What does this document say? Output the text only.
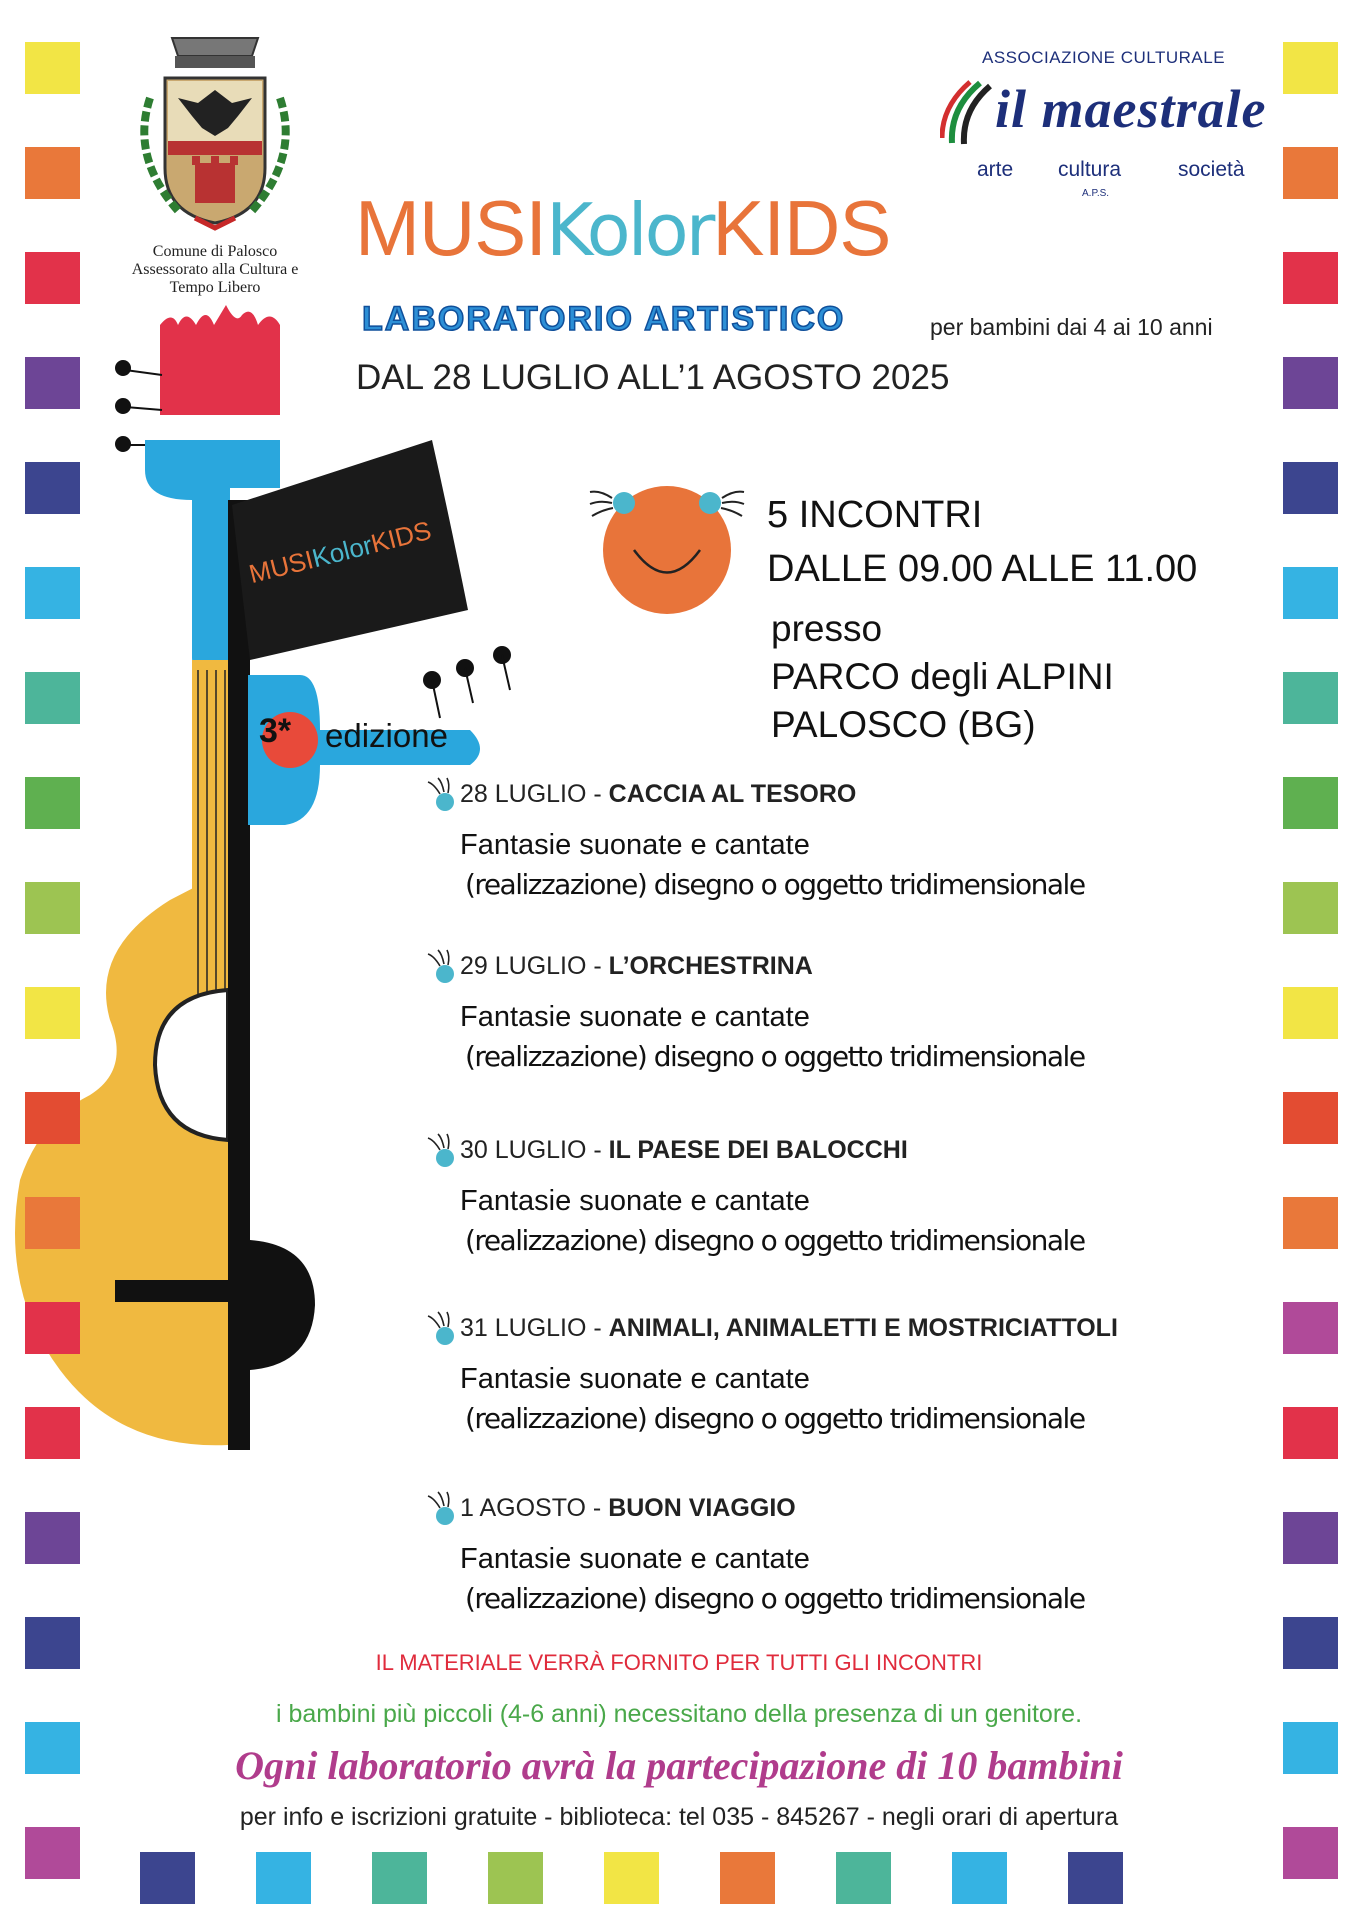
Comune di Palosco
Assessorato alla Cultura e
Tempo Libero
ASSOCIAZIONE CULTURALE
il maestrale
arte cultura	società
A.P.S.
MUSIKolorKIDS
LABORATORIO ARTISTICO	per bambini dai 4 ai 10 anni
DAL 28 LUGLIO ALL’1 AGOSTO 2025
MUSIKolorKIDS
3* edizione
5 INCONTRI
DALLE 09.00 ALLE 11.00
presso
PARCO degli ALPINI
PALOSCO (BG)
28 LUGLIO - CACCIA AL TESORO
Fantasie suonate e cantate
(realizzazione) disegno o oggetto tridimensionale
29 LUGLIO - L’ORCHESTRINA
Fantasie suonate e cantate
(realizzazione) disegno o oggetto tridimensionale
30 LUGLIO - IL PAESE DEI BALOCCHI
Fantasie suonate e cantate
(realizzazione) disegno o oggetto tridimensionale
31 LUGLIO - ANIMALI, ANIMALETTI E MOSTRICIATTOLI
Fantasie suonate e cantate
(realizzazione) disegno o oggetto tridimensionale
1 AGOSTO - BUON VIAGGIO
Fantasie suonate e cantate
(realizzazione) disegno o oggetto tridimensionale
IL MATERIALE VERRÀ FORNITO PER TUTTI GLI INCONTRI
i bambini più piccoli (4-6 anni) necessitano della presenza di un genitore.
Ogni laboratorio avrà la partecipazione di 10 bambini
per info e iscrizioni gratuite - biblioteca: tel 035 - 845267 - negli orari di apertura
